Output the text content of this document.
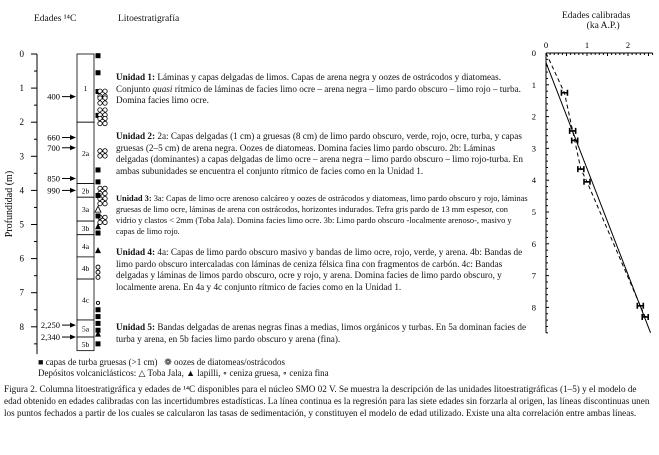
0
1
2
3
4
5
6
7
8
Profundidad (m)
1
2a
2b
3a
3b
4a
4b
4c
5a
5b
400
660
700
850
990
2,250
2,340
0	1	2
0
1
2
3
4
5
6
7
8
Edades ¹⁴C	Litoestratigrafía	Edades calibradas
(ka A.P.)
Unidad 1: Láminas y capas delgadas de limos. Capas de arena negra y oozes de ostrácodos y diatomeas. Conjunto quasi rítmico de láminas de facies limo ocre – arena negra – limo pardo obscuro – limo rojo – turba. Domina facies limo ocre.
Unidad 2: 2a: Capas delgadas (1 cm) a gruesas (8 cm) de limo pardo obscuro, verde, rojo, ocre, turba, y capas gruesas (2–5 cm) de arena negra. Oozes de diatomeas. Domina facies limo pardo obscuro. 2b: Láminas delgadas (dominantes) a capas delgadas de limo ocre – arena negra – limo pardo obscuro – limo rojo-turba. En ambas subunidades se encuentra el conjunto rítmico de facies como en la Unidad 1.
Unidad 3: 3a: Capas de limo ocre arenoso calcáreo y oozes de ostrácodos y diatomeas, limo pardo obscuro y rojo, láminas gruesas de limo ocre, láminas de arena con ostrácodos, horizontes indurados. Tefra gris pardo de 13 mm espesor, con vidrio y clastos < 2mm (Toba Jala). Domina facies limo ocre. 3b: Limo pardo obscuro -localmente arenoso-, masivo y capas de limo rojo.
Unidad 4: 4a: Capas de limo pardo obscuro masivo y bandas de limo ocre, rojo, verde, y arena. 4b: Bandas de limo pardo obscuro intercaladas con láminas de ceniza félsica fina con fragmentos de carbón. 4c: Bandas delgadas y láminas de limos pardo obscuro, ocre y rojo, y arena. Domina facies de limo pardo obscuro, y localmente arena. En 4a y 4c conjunto rítmico de facies como en la Unidad 1.
Unidad 5: Bandas delgadas de arenas negras finas a medias, limos orgánicos y turbas. En 5a dominan facies de turba y arena, en 5b facies limo pardo obscuro y arena (fina).
■ capas de turba gruesas (>1 cm) ❁ oozes de diatomeas/ostrácodos
Depósitos volcaniclásticos: △ Toba Jala, ▲ lapilli, ∘ ceniza gruesa, ∘ ceniza fina
Figura 2. Columna litoestratigráfica y edades de ¹⁴C disponibles para el núcleo SMO 02 V. Se muestra la descripción de las unidades litoestratigráficas (1–5) y el modelo de edad obtenido en edades calibradas con las incertidumbres estadísticas. La línea continua es la regresión para las siete edades sin forzarla al origen, las líneas discontinuas unen los puntos fechados a partir de los cuales se calcularon las tasas de sedimentación, y constituyen el modelo de edad utilizado. Existe una alta correlación entre ambas líneas.
